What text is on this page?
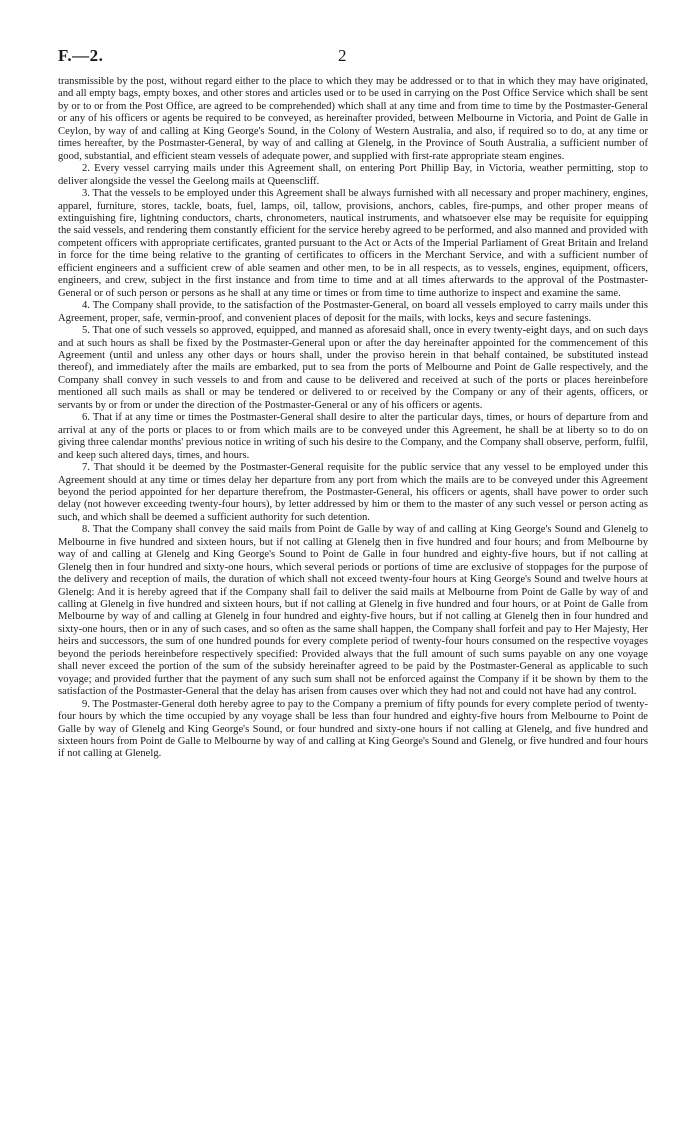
F.—2.	2

transmissible by the post, without regard either to the place to which they may be addressed or to that in which they may have originated, and all empty bags, empty boxes, and other stores and articles used or to be used in carrying on the Post Office Service which shall be sent by or to or from the Post Office, are agreed to be comprehended) which shall at any time and from time to time by the Postmaster-General or any of his officers or agents be required to be conveyed, as hereinafter provided, between Melbourne in Victoria, and Point de Galle in Ceylon, by way of and calling at King George's Sound, in the Colony of Western Australia, and also, if required so to do, at any time or times hereafter, by the Postmaster-General, by way of and calling at Glenelg, in the Province of South Australia, a sufficient number of good, substantial, and efficient steam vessels of adequate power, and supplied with first-rate appropriate steam engines.

2. Every vessel carrying mails under this Agreement shall, on entering Port Phillip Bay, in Victoria, weather permitting, stop to deliver alongside the vessel the Geelong mails at Queenscliff.

3. That the vessels to be employed under this Agreement shall be always furnished with all necessary and proper machinery, engines, apparel, furniture, stores, tackle, boats, fuel, lamps, oil, tallow, provisions, anchors, cables, fire-pumps, and other proper means of extinguishing fire, lightning conductors, charts, chronometers, nautical instruments, and whatsoever else may be requisite for equipping the said vessels, and rendering them constantly efficient for the service hereby agreed to be performed, and also manned and provided with competent officers with appropriate certificates, granted pursuant to the Act or Acts of the Imperial Parliament of Great Britain and Ireland in force for the time being relative to the granting of certificates to officers in the Merchant Service, and with a sufficient number of efficient engineers and a sufficient crew of able seamen and other men, to be in all respects, as to vessels, engines, equipment, officers, engineers, and crew, subject in the first instance and from time to time and at all times afterwards to the approval of the Postmaster-General or of such person or persons as he shall at any time or times or from time to time authorize to inspect and examine the same.

4. The Company shall provide, to the satisfaction of the Postmaster-General, on board all vessels employed to carry mails under this Agreement, proper, safe, vermin-proof, and convenient places of deposit for the mails, with locks, keys and secure fastenings.

5. That one of such vessels so approved, equipped, and manned as aforesaid shall, once in every twenty-eight days, and on such days and at such hours as shall be fixed by the Postmaster-General upon or after the day hereinafter appointed for the commencement of this Agreement (until and unless any other days or hours shall, under the proviso herein in that behalf contained, be substituted instead thereof), and immediately after the mails are embarked, put to sea from the ports of Melbourne and Point de Galle respectively, and the Company shall convey in such vessels to and from and cause to be delivered and received at such of the ports or places hereinbefore mentioned all such mails as shall or may be tendered or delivered to or received by the Company or any of their agents, officers, or servants by or from or under the direction of the Postmaster-General or any of his officers or agents.

6. That if at any time or times the Postmaster-General shall desire to alter the particular days, times, or hours of departure from and arrival at any of the ports or places to or from which mails are to be conveyed under this Agreement, he shall be at liberty so to do on giving three calendar months' previous notice in writing of such his desire to the Company, and the Company shall observe, perform, fulfil, and keep such altered days, times, and hours.

7. That should it be deemed by the Postmaster-General requisite for the public service that any vessel to be employed under this Agreement should at any time or times delay her departure from any port from which the mails are to be conveyed under this Agreement beyond the period appointed for her departure therefrom, the Postmaster-General, his officers or agents, shall have power to order such delay (not however exceeding twenty-four hours), by letter addressed by him or them to the master of any such vessel or person acting as such, and which shall be deemed a sufficient authority for such detention.

8. That the Company shall convey the said mails from Point de Galle by way of and calling at King George's Sound and Glenelg to Melbourne in five hundred and sixteen hours, but if not calling at Glenelg then in five hundred and four hours; and from Melbourne by way of and calling at Glenelg and King George's Sound to Point de Galle in four hundred and eighty-five hours, but if not calling at Glenelg then in four hundred and sixty-one hours, which several periods or portions of time are exclusive of stoppages for the purpose of the delivery and reception of mails, the duration of which shall not exceed twenty-four hours at King George's Sound and twelve hours at Glenelg: And it is hereby agreed that if the Company shall fail to deliver the said mails at Melbourne from Point de Galle by way of and calling at Glenelg in five hundred and sixteen hours, but if not calling at Glenelg in five hundred and four hours, or at Point de Galle from Melbourne by way of and calling at Glenelg in four hundred and eighty-five hours, but if not calling at Glenelg then in four hundred and sixty-one hours, then or in any of such cases, and so often as the same shall happen, the Company shall forfeit and pay to Her Majesty, Her heirs and successors, the sum of one hundred pounds for every complete period of twenty-four hours consumed on the respective voyages beyond the periods hereinbefore respectively specified: Provided always that the full amount of such sums payable on any one voyage shall never exceed the portion of the sum of the subsidy hereinafter agreed to be paid by the Postmaster-General as applicable to such voyage; and provided further that the payment of any such sum shall not be enforced against the Company if it be shown by them to the satisfaction of the Postmaster-General that the delay has arisen from causes over which they had not and could not have had any control.

9. The Postmaster-General doth hereby agree to pay to the Company a premium of fifty pounds for every complete period of twenty-four hours by which the time occupied by any voyage shall be less than four hundred and eighty-five hours from Melbourne to Point de Galle by way of Glenelg and King George's Sound, or four hundred and sixty-one hours if not calling at Glenelg, and five hundred and sixteen hours from Point de Galle to Melbourne by way of and calling at King George's Sound and Glenelg, or five hundred and four hours if not calling at Glenelg.
